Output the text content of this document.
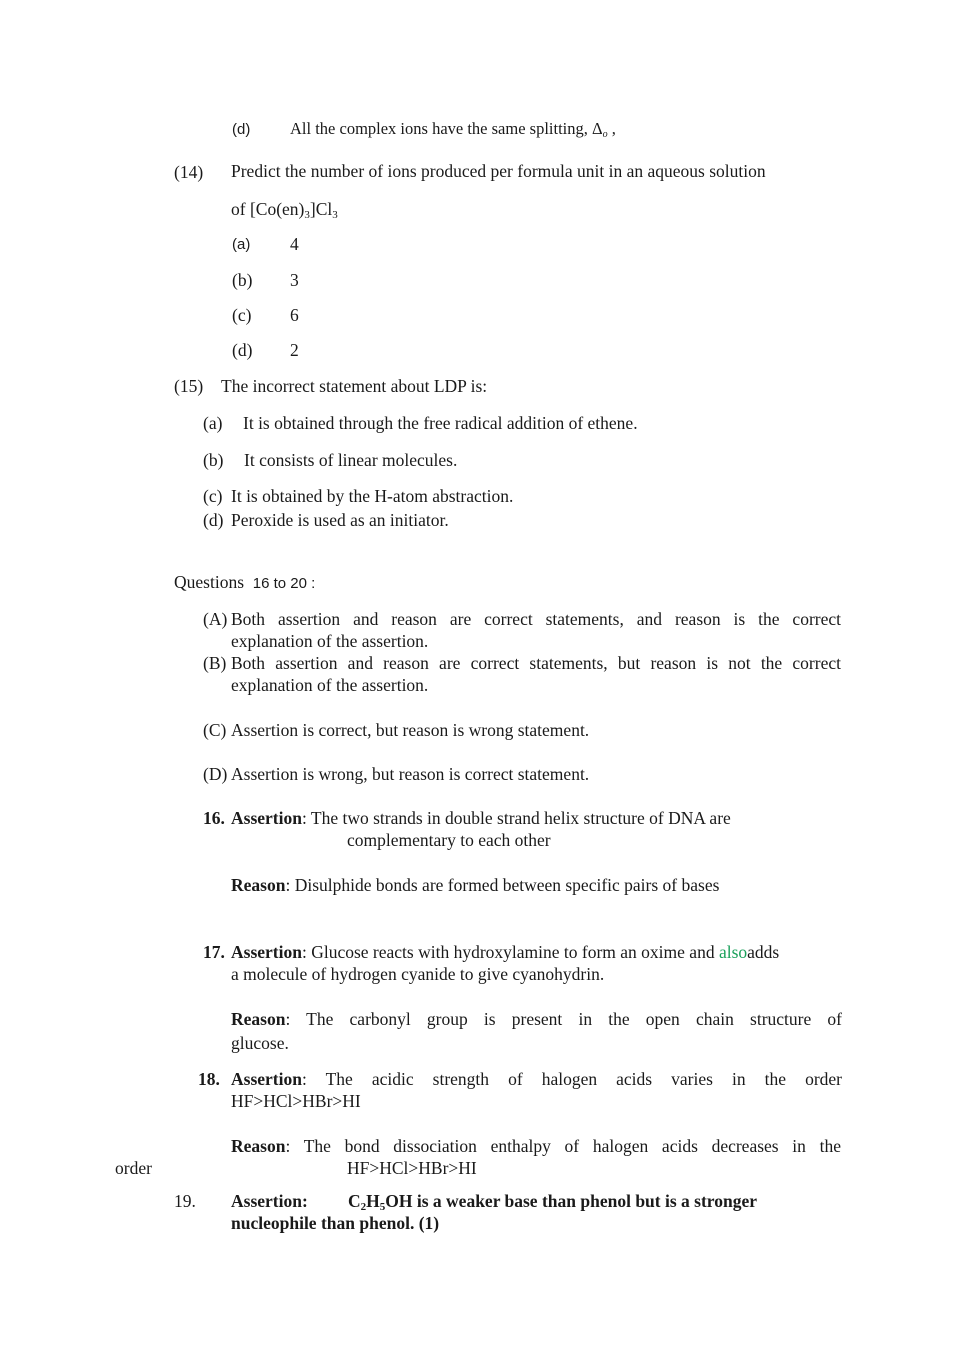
(d) All the complex ions have the same splitting, $\Delta_o$ ,
(14) Predict the number of ions produced per formula unit in an aqueous solution
of $[Co(en)_3]Cl_3$
(a) 4
(b) 3
(c) 6
(d) 2
(15) The incorrect statement about LDP is:
(a) It is obtained through the free radical addition of ethene.
(b) It consists of linear molecules.
(c) It is obtained by the H-atom abstraction.
(d) Peroxide is used as an initiator.
Questions 16 to 20 :
(A) Both assertion and reason are correct statements, and reason is the correct
explanation of the assertion.
(B) Both assertion and reason are correct statements, but reason is not the correct
explanation of the assertion.
(C) Assertion is correct, but reason is wrong statement.
(D) Assertion is wrong, but reason is correct statement.
16. Assertion: The two strands in double strand helix structure of DNA are
complementary to each other
Reason: Disulphide bonds are formed between specific pairs of bases
17. Assertion: Glucose reacts with hydroxylamine to form an oxime and alsoadds
a molecule of hydrogen cyanide to give cyanohydrin.
Reason: The carbonyl group is present in the open chain structure of
glucose.
18. Assertion: The acidic strength of halogen acids varies in the order
HF>HCl>HBr>HI
Reason: The bond dissociation enthalpy of halogen acids decreases in the
order	HF>HCl>HBr>HI
19. Assertion: $C_2H_5OH$ is a weaker base than phenol but is a stronger
nucleophile than phenol. (1)
